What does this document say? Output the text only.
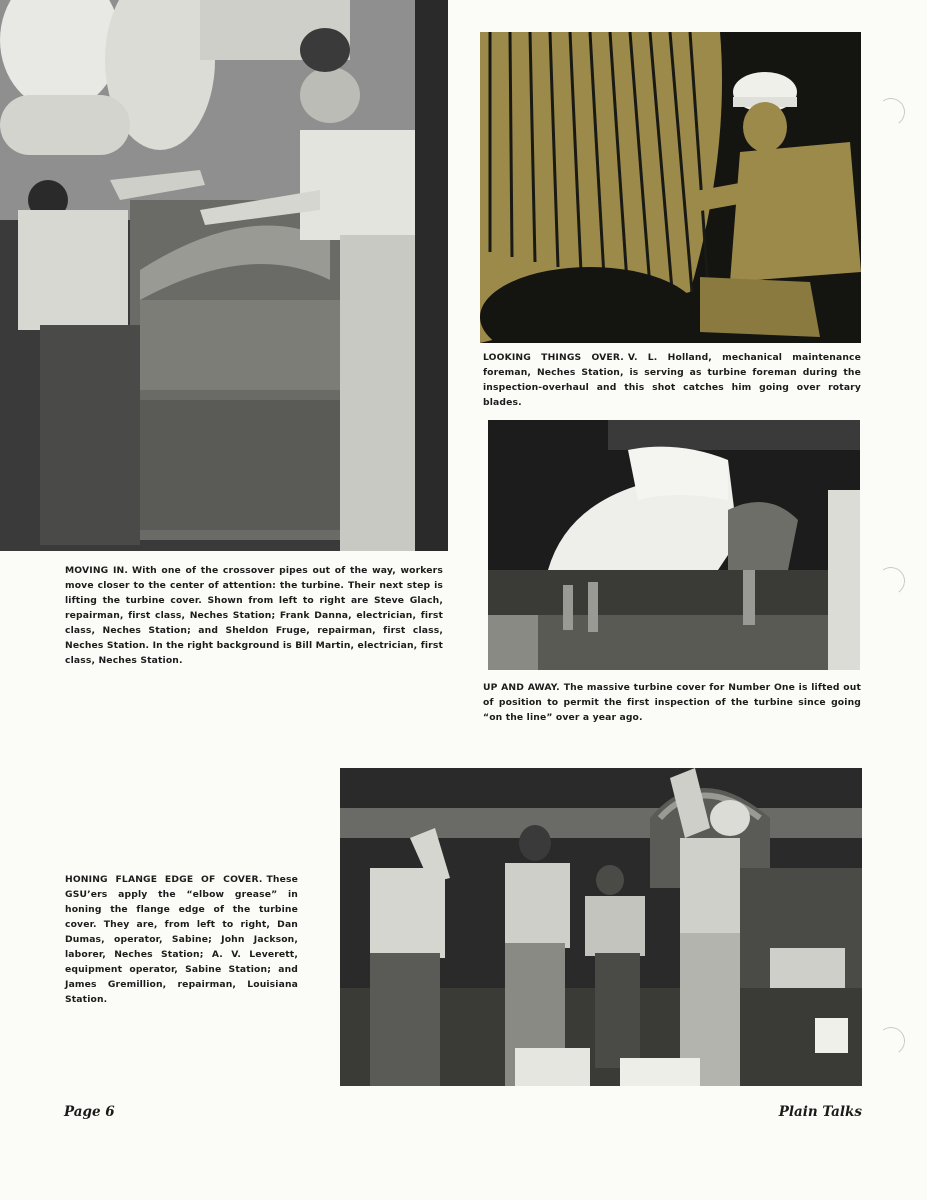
LOOKING THINGS OVER. V. L. Holland, mechanical maintenance foreman, Neches Station, is serving as turbine foreman during the inspection-overhaul and this shot catches him going over rotary blades.
MOVING IN. With one of the crossover pipes out of the way, workers move closer to the center of attention: the turbine. Their next step is lifting the turbine cover. Shown from left to right are Steve Glach, repairman, first class, Neches Station; Frank Danna, electrician, first class, Neches Station; and Sheldon Fruge, repairman, first class, Neches Station. In the right background is Bill Martin, electrician, first class, Neches Station.
UP AND AWAY. The massive turbine cover for Number One is lifted out of position to permit the first inspection of the turbine since going “on the line” over a year ago.
HONING FLANGE EDGE OF COVER. These GSU’ers apply the “elbow grease” in honing the flange edge of the turbine cover. They are, from left to right, Dan Dumas, operator, Sabine; John Jackson, laborer, Neches Station; A. V. Leverett, equipment operator, Sabine Station; and James Gremillion, repairman, Louisiana Station.
Page 6	Plain Talks
